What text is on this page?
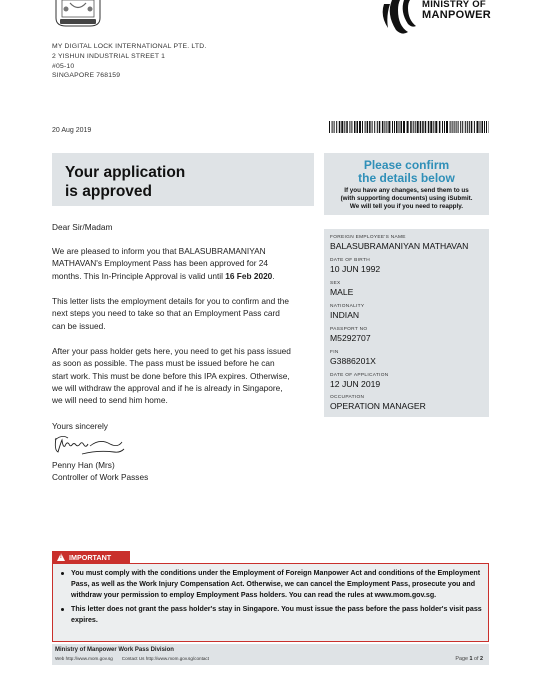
MINISTRY OF
MANPOWER
MY DIGITAL LOCK INTERNATIONAL PTE. LTD.
2 YISHUN INDUSTRIAL STREET 1
#05-10
SINGAPORE 768159
20 Aug 2019
Your application
is approved
Please confirm
the details below
If you have any changes, send them to us
(with supporting documents) using iSubmit.
We will tell you if you need to reapply.
Dear Sir/Madam
We are pleased to inform you that BALASUBRAMANIYAN
MATHAVAN's Employment Pass has been approved for 24
months. This In-Principle Approval is valid until 16 Feb 2020.
This letter lists the employment details for you to confirm and the
next steps you need to take so that an Employment Pass card
can be issued.
After your pass holder gets here, you need to get his pass issued
as soon as possible. The pass must be issued before he can
start work. This must be done before this IPA expires. Otherwise,
we will withdraw the approval and if he is already in Singapore,
we will need to send him home.
FOREIGN EMPLOYEE'S NAME
BALASUBRAMANIYAN MATHAVAN
DATE OF BIRTH
10 JUN 1992
SEX
MALE
NATIONALITY
INDIAN
PASSPORT NO
M5292707
FIN
G3886201X
DATE OF APPLICATION
12 JUN 2019
OCCUPATION
OPERATION MANAGER
Yours sincerely
Penny Han (Mrs)
Controller of Work Passes
!IMPORTANT
You must comply with the conditions under the Employment of Foreign Manpower Act and conditions of the Employment Pass, as well as the Work Injury Compensation Act. Otherwise, we can cancel the Employment Pass, prosecute you and withdraw your permission to employ Employment Pass holders. You can read the rules at www.mom.gov.sg.
This letter does not grant the pass holder's stay in Singapore. You must issue the pass before the pass holder's visit pass expires.
Ministry of Manpower Work Pass Division
Web http://www.mom.gov.sg Contact Us http://www.mom.gov.sg/contact	Page 1 of 2
